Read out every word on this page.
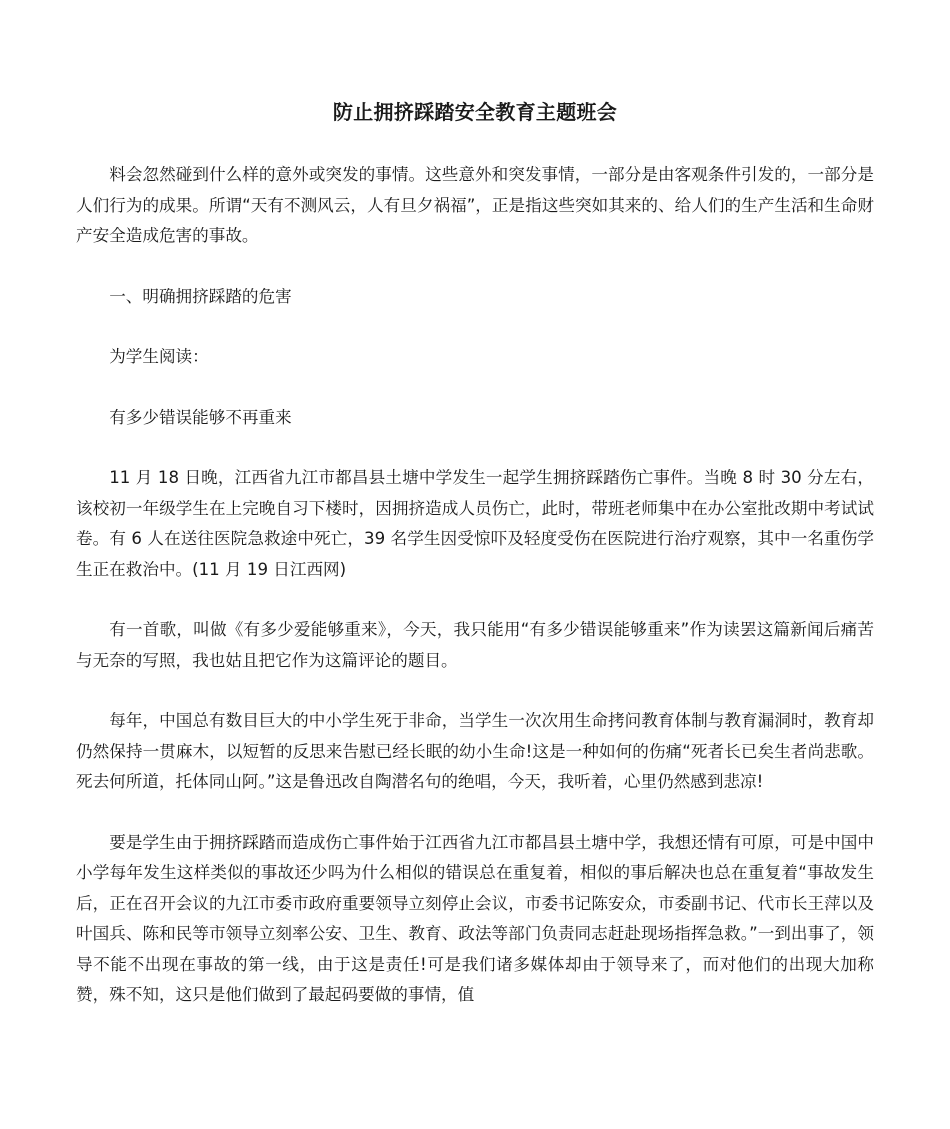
防止拥挤踩踏安全教育主题班会

料会忽然碰到什么样的意外或突发的事情。这些意外和突发事情，一部分是由客观条件引发的，一部分是人们行为的成果。所谓“天有不测风云，人有旦夕祸福”，正是指这些突如其来的、给人们的生产生活和生命财产安全造成危害的事故。

一、明确拥挤踩踏的危害

为学生阅读：

有多少错误能够不再重来

11 月 18 日晚，江西省九江市都昌县土塘中学发生一起学生拥挤踩踏伤亡事件。当晚 8 时 30 分左右，该校初一年级学生在上完晚自习下楼时，因拥挤造成人员伤亡，此时，带班老师集中在办公室批改期中考试试卷。有 6 人在送往医院急救途中死亡，39 名学生因受惊吓及轻度受伤在医院进行治疗观察，其中一名重伤学生正在救治中。(11 月 19 日江西网)

有一首歌，叫做《有多少爱能够重来》，今天，我只能用“有多少错误能够重来”作为读罢这篇新闻后痛苦与无奈的写照，我也姑且把它作为这篇评论的题目。

每年，中国总有数目巨大的中小学生死于非命，当学生一次次用生命拷问教育体制与教育漏洞时，教育却仍然保持一贯麻木，以短暂的反思来告慰已经长眠的幼小生命!这是一种如何的伤痛“死者长已矣生者尚悲歌。死去何所道，托体同山阿。”这是鲁迅改自陶潜名句的绝唱，今天，我听着，心里仍然感到悲凉!

要是学生由于拥挤踩踏而造成伤亡事件始于江西省九江市都昌县土塘中学，我想还情有可原，可是中国中小学每年发生这样类似的事故还少吗为什么相似的错误总在重复着，相似的事后解决也总在重复着“事故发生后，正在召开会议的九江市委市政府重要领导立刻停止会议，市委书记陈安众，市委副书记、代市长王萍以及叶国兵、陈和民等市领导立刻率公安、卫生、教育、政法等部门负责同志赶赴现场指挥急救。”一到出事了，领导不能不出现在事故的第一线，由于这是责任!可是我们诸多媒体却由于领导来了，而对他们的出现大加称赞，殊不知，这只是他们做到了最起码要做的事情，值
